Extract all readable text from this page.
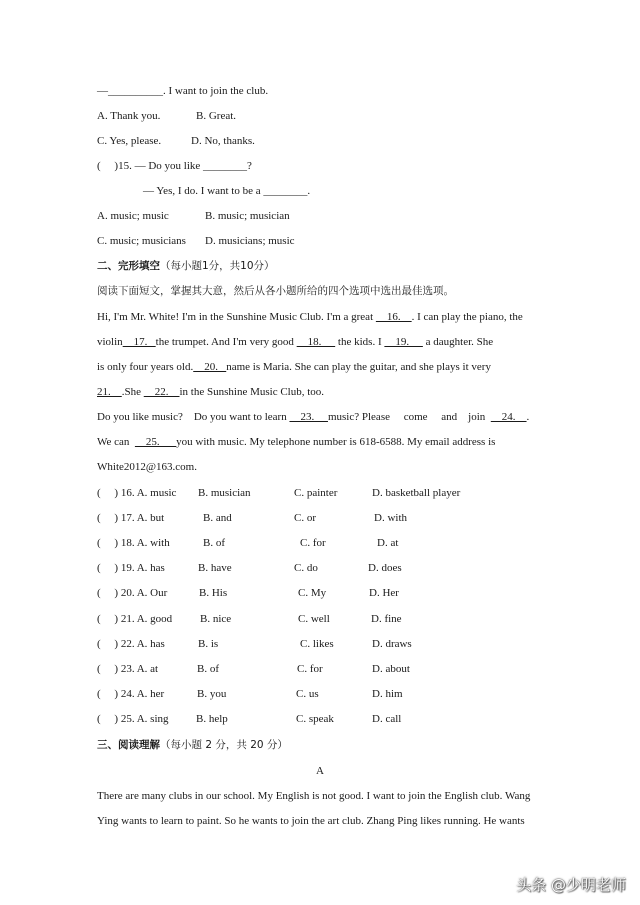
—__________. I want to join the club.
A. Thank you.	B. Great.
C. Yes, please.	D. No, thanks.
(     )15. — Do you like ________?
— Yes, I do. I want to be a ________.
A. music; music	B. music; musician
C. music; musicians D. musicians; music
二、完形填空（每小题1分，共10分）
阅读下面短文，掌握其大意，然后从各小题所给的四个选项中选出最佳选项。
Hi, I'm Mr. White! I'm in the Sunshine Music Club. I'm a great     16.    . I can play the piano, the
violin    17.   the trumpet. And I'm very good     18.      the kids. I     19.      a daughter. She
is only four years old.    20.   name is Maria. She can play the guitar, and she plays it very
21.    .She     22.    in the Sunshine Music Club, too.
Do you like music?    Do you want to learn     23.     music? Please     come     and    join      24.    .
We can      25.      you with music. My telephone number is 618-6588. My email address is
White2012@163.com.
(     ) 16. A. music B. musician	C. painter	D. basketball player
(     ) 17. A. but	B. and	C. or	D. with
(     ) 18. A. with	B. of	C. for	D. at
(     ) 19. A. has	B. have	C. do	D. does
(     ) 20. A. Our	B. His	C. My	D. Her
(     ) 21. A. good	B. nice	C. well	D. fine
(     ) 22. A. has	B. is	C. likes	D. draws
(     ) 23. A. at	B. of	C. for	D. about
(     ) 24. A. her	B. you	C. us	D. him
(     ) 25. A. sing	B. help	C. speak	D. call
三、阅读理解（每小题 2 分，共 20 分）
A
There are many clubs in our school. My English is not good. I want to join the English club. Wang
Ying wants to learn to paint. So he wants to join the art club. Zhang Ping likes running. He wants
头条 @少明老师
